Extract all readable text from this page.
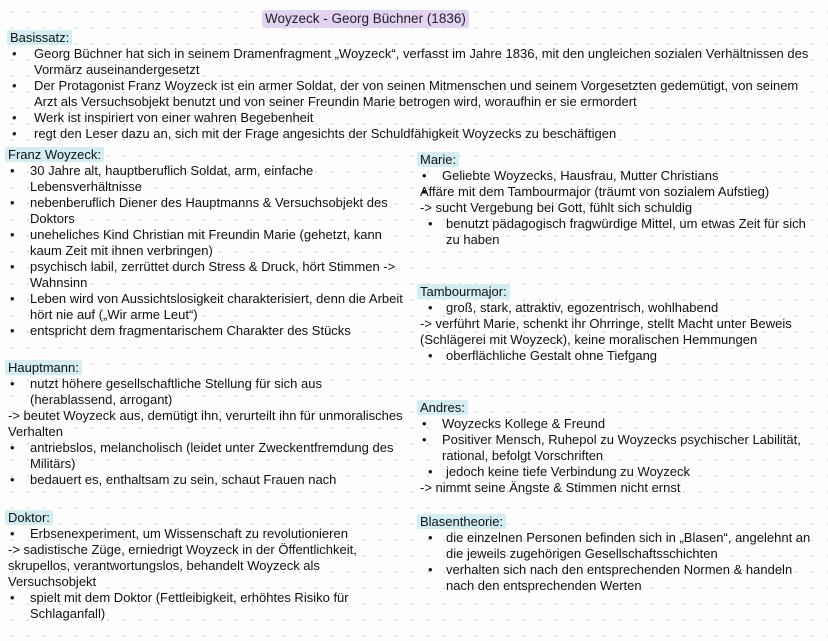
Woyzeck - Georg Büchner (1836)
Basissatz:
• Georg Büchner hat sich in seinem Dramenfragment „Woyzeck“, verfasst im Jahre 1836, mit den ungleichen sozialen Verhältnissen des Vormärz auseinandergesetzt
• Der Protagonist Franz Woyzeck ist ein armer Soldat, der von seinen Mitmenschen und seinem Vorgesetzten gedemütigt, von seinem Arzt als Versuchsobjekt benutzt und von seiner Freundin Marie betrogen wird, woraufhin er sie ermordert
• Werk ist inspiriert von einer wahren Begebenheit
• regt den Leser dazu an, sich mit der Frage angesichts der Schuldfähigkeit Woyzecks zu beschäftigen
Franz Woyzeck:
• 30 Jahre alt, hauptberuflich Soldat, arm, einfache Lebensverhältnisse
• nebenberuflich Diener des Hauptmanns & Versuchsobjekt des Doktors
• uneheliches Kind Christian mit Freundin Marie (gehetzt, kann kaum Zeit mit ihnen verbringen)
• psychisch labil, zerrüttet durch Stress & Druck, hört Stimmen -> Wahnsinn
• Leben wird von Aussichtslosigkeit charakterisiert, denn die Arbeit hört nie auf („Wir arme Leut“)
• entspricht dem fragmentarischem Charakter des Stücks
Hauptmann:
• nutzt höhere gesellschaftliche Stellung für sich aus (herablassend, arrogant)

-> beutet Woyzeck aus, demütigt ihn, verurteilt ihn für unmoralisches Verhalten

• antriebslos, melancholisch (leidet unter Zweckentfremdung des Militärs)
• bedauert es, enthaltsam zu sein, schaut Frauen nach
Doktor:
• Erbsenexperiment, um Wissenschaft zu revolutionieren

-> sadistische Züge, erniedrigt Woyzeck in der Öffentlichkeit, skrupellos, verantwortungslos, behandelt Woyzeck als Versuchsobjekt

• spielt mit dem Doktor (Fettleibigkeit, erhöhtes Risiko für Schlaganfall)
Marie:
• Geliebte Woyzecks, Hausfrau, Mutter Christians
• Affäre mit dem Tambourmajor (träumt von sozialem Aufstieg)

-> sucht Vergebung bei Gott, fühlt sich schuldig

• benutzt pädagogisch fragwürdige Mittel, um etwas Zeit für sich zu haben
Tambourmajor:
• groß, stark, attraktiv, egozentrisch, wohlhabend

-> verführt Marie, schenkt ihr Ohrringe, stellt Macht unter Beweis (Schlägerei mit Woyzeck), keine moralischen Hemmungen

• oberflächliche Gestalt ohne Tiefgang
Andres:
• Woyzecks Kollege & Freund
• Positiver Mensch, Ruhepol zu Woyzecks psychischer Labilität, rational, befolgt Vorschriften
• jedoch keine tiefe Verbindung zu Woyzeck

-> nimmt seine Ängste & Stimmen nicht ernst

Blasentheorie:
• die einzelnen Personen befinden sich in „Blasen“, angelehnt an die jeweils zugehörigen Gesellschaftsschichten
• verhalten sich nach den entsprechenden Normen & handeln nach den entsprechenden Werten
